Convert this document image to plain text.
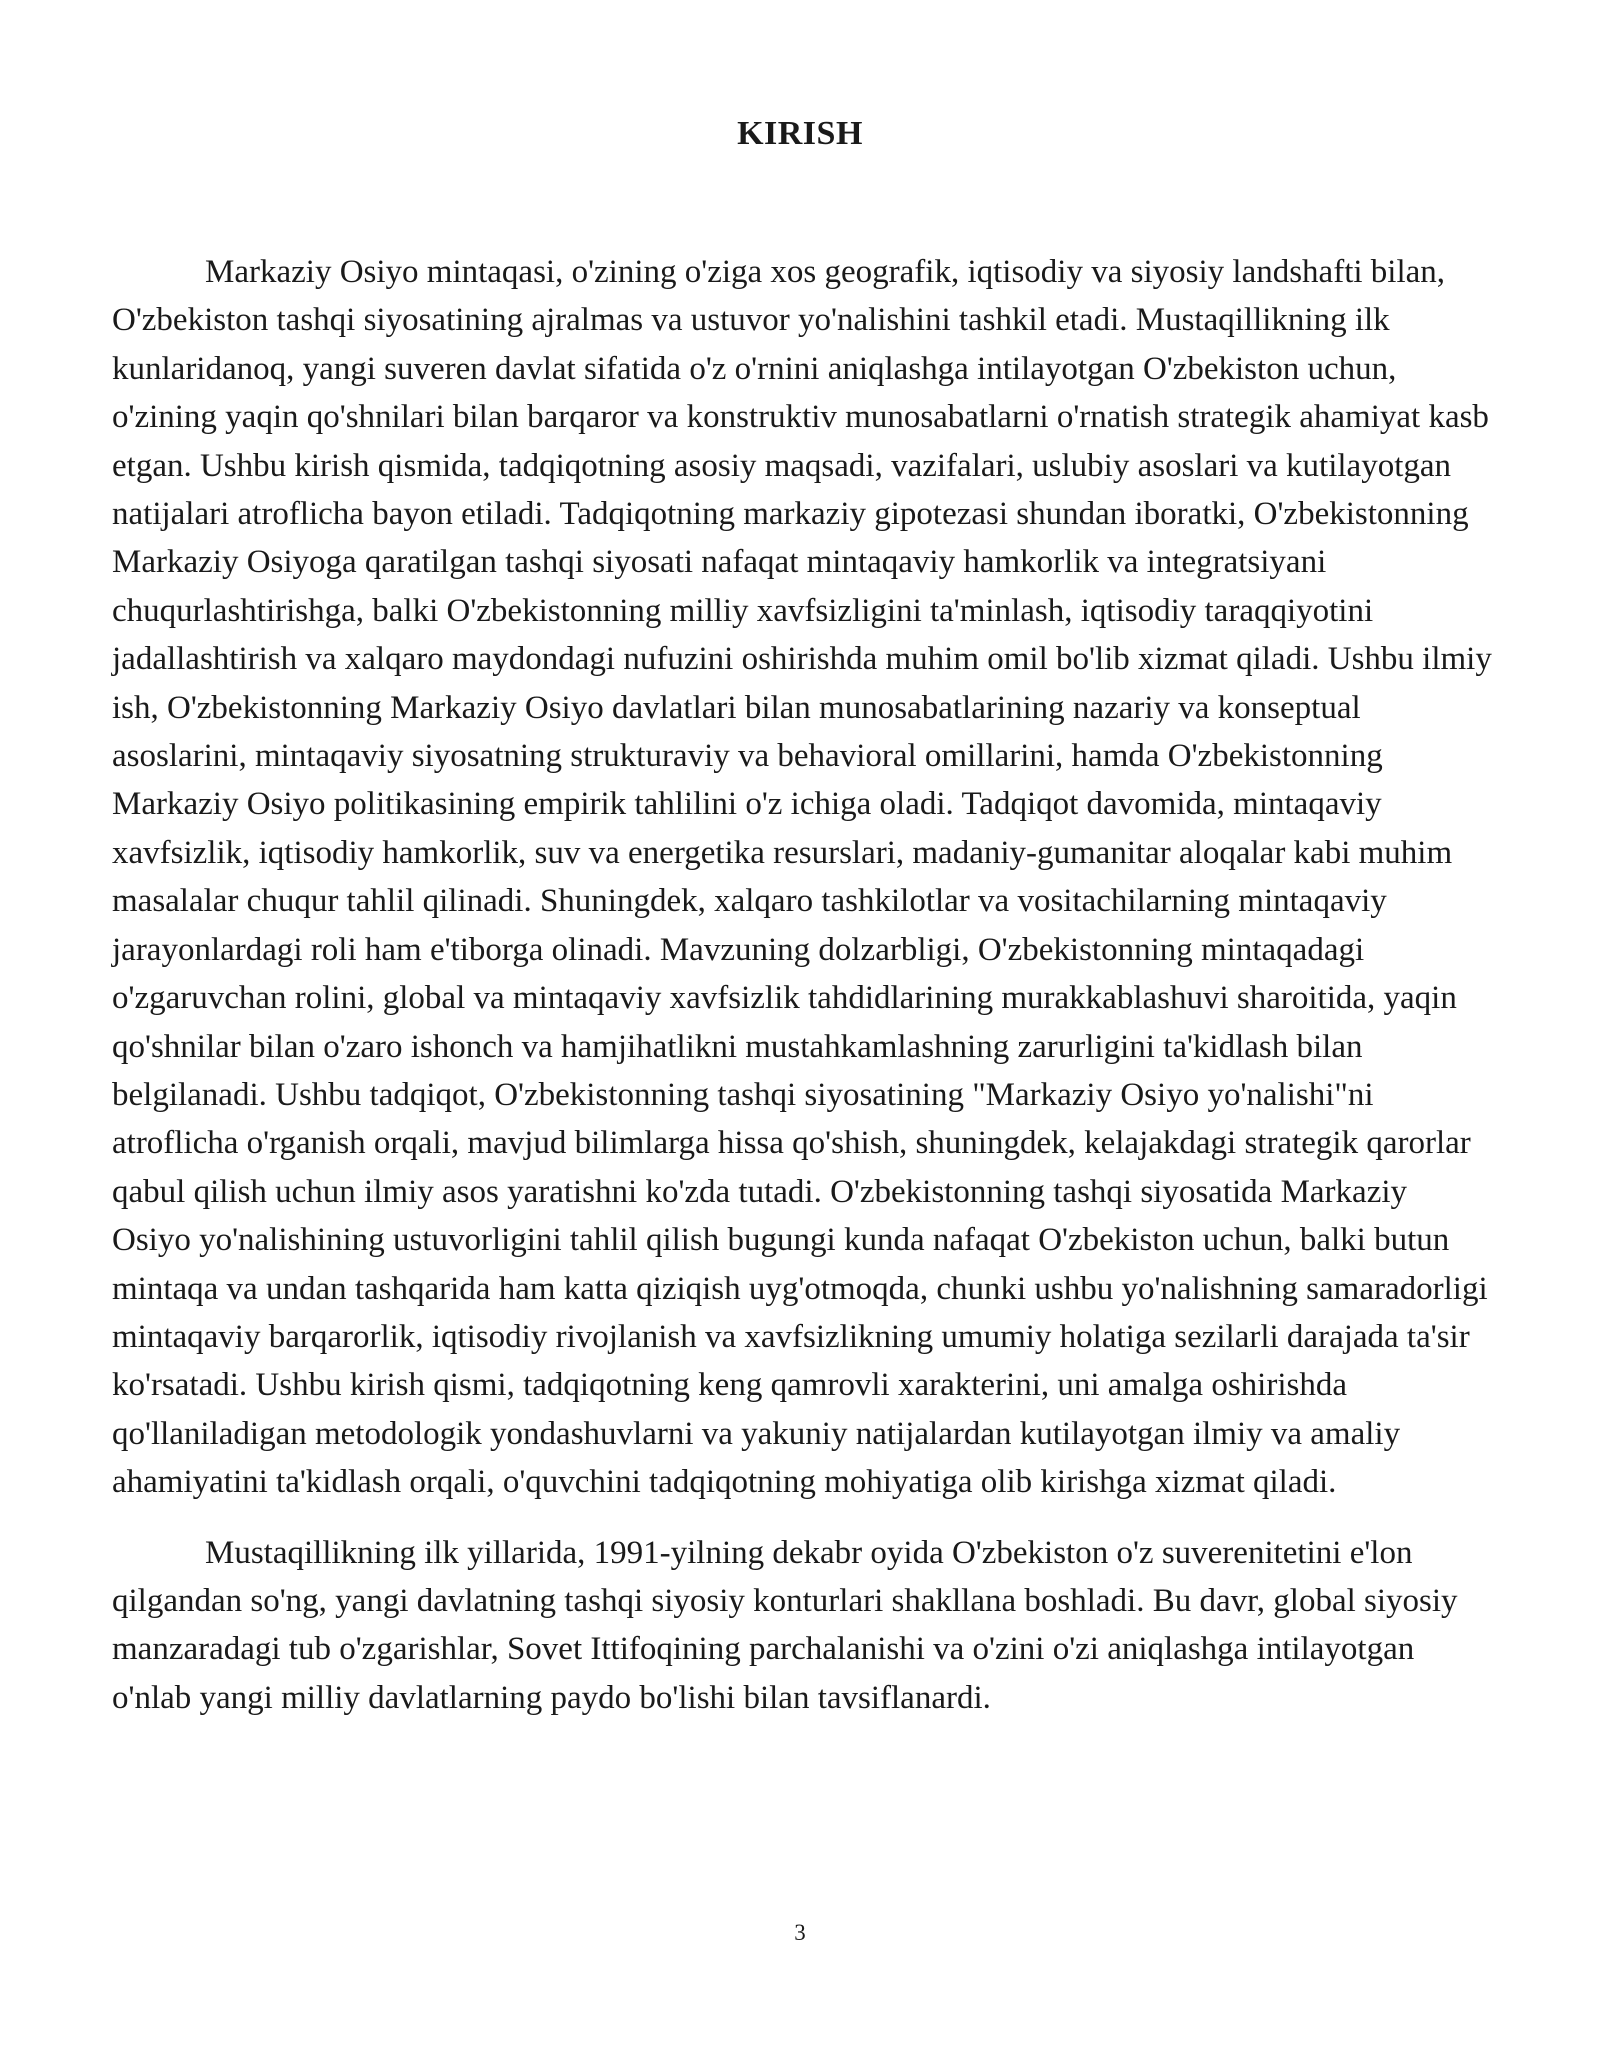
KIRISH

Markaziy Osiyo mintaqasi, o'zining o'ziga xos geografik, iqtisodiy va siyosiy landshafti bilan, O'zbekiston tashqi siyosatining ajralmas va ustuvor yo'nalishini tashkil etadi. Mustaqillikning ilk kunlaridanoq, yangi suveren davlat sifatida o'z o'rnini aniqlashga intilayotgan O'zbekiston uchun, o'zining yaqin qo'shnilari bilan barqaror va konstruktiv munosabatlarni o'rnatish strategik ahamiyat kasb etgan. Ushbu kirish qismida, tadqiqotning asosiy maqsadi, vazifalari, uslubiy asoslari va kutilayotgan natijalari atroflicha bayon etiladi. Tadqiqotning markaziy gipotezasi shundan iboratki, O'zbekistonning Markaziy Osiyoga qaratilgan tashqi siyosati nafaqat mintaqaviy hamkorlik va integratsiyani chuqurlashtirishga, balki O'zbekistonning milliy xavfsizligini ta'minlash, iqtisodiy taraqqiyotini jadallashtirish va xalqaro maydondagi nufuzini oshirishda muhim omil bo'lib xizmat qiladi. Ushbu ilmiy ish, O'zbekistonning Markaziy Osiyo davlatlari bilan munosabatlarining nazariy va konseptual asoslarini, mintaqaviy siyosatning strukturaviy va behavioral omillarini, hamda O'zbekistonning Markaziy Osiyo politikasining empirik tahlilini o'z ichiga oladi. Tadqiqot davomida, mintaqaviy xavfsizlik, iqtisodiy hamkorlik, suv va energetika resurslari, madaniy-gumanitar aloqalar kabi muhim masalalar chuqur tahlil qilinadi. Shuningdek, xalqaro tashkilotlar va vositachilarning mintaqaviy jarayonlardagi roli ham e'tiborga olinadi. Mavzuning dolzarbligi, O'zbekistonning mintaqadagi o'zgaruvchan rolini, global va mintaqaviy xavfsizlik tahdidlarining murakkablashuvi sharoitida, yaqin qo'shnilar bilan o'zaro ishonch va hamjihatlikni mustahkamlashning zarurligini ta'kidlash bilan belgilanadi. Ushbu tadqiqot, O'zbekistonning tashqi siyosatining "Markaziy Osiyo yo'nalishi"ni atroflicha o'rganish orqali, mavjud bilimlarga hissa qo'shish, shuningdek, kelajakdagi strategik qarorlar qabul qilish uchun ilmiy asos yaratishni ko'zda tutadi. O'zbekistonning tashqi siyosatida Markaziy Osiyo yo'nalishining ustuvorligini tahlil qilish bugungi kunda nafaqat O'zbekiston uchun, balki butun mintaqa va undan tashqarida ham katta qiziqish uyg'otmoqda, chunki ushbu yo'nalishning samaradorligi mintaqaviy barqarorlik, iqtisodiy rivojlanish va xavfsizlikning umumiy holatiga sezilarli darajada ta'sir ko'rsatadi. Ushbu kirish qismi, tadqiqotning keng qamrovli xarakterini, uni amalga oshirishda qo'llaniladigan metodologik yondashuvlarni va yakuniy natijalardan kutilayotgan ilmiy va amaliy ahamiyatini ta'kidlash orqali, o'quvchini tadqiqotning mohiyatiga olib kirishga xizmat qiladi.

Mustaqillikning ilk yillarida, 1991-yilning dekabr oyida O'zbekiston o'z suverenitetini e'lon qilgandan so'ng, yangi davlatning tashqi siyosiy konturlari shakllana boshladi. Bu davr, global siyosiy manzaradagi tub o'zgarishlar, Sovet Ittifoqining parchalanishi va o'zini o'zi aniqlashga intilayotgan o'nlab yangi milliy davlatlarning paydo bo'lishi bilan tavsiflanardi.

3
